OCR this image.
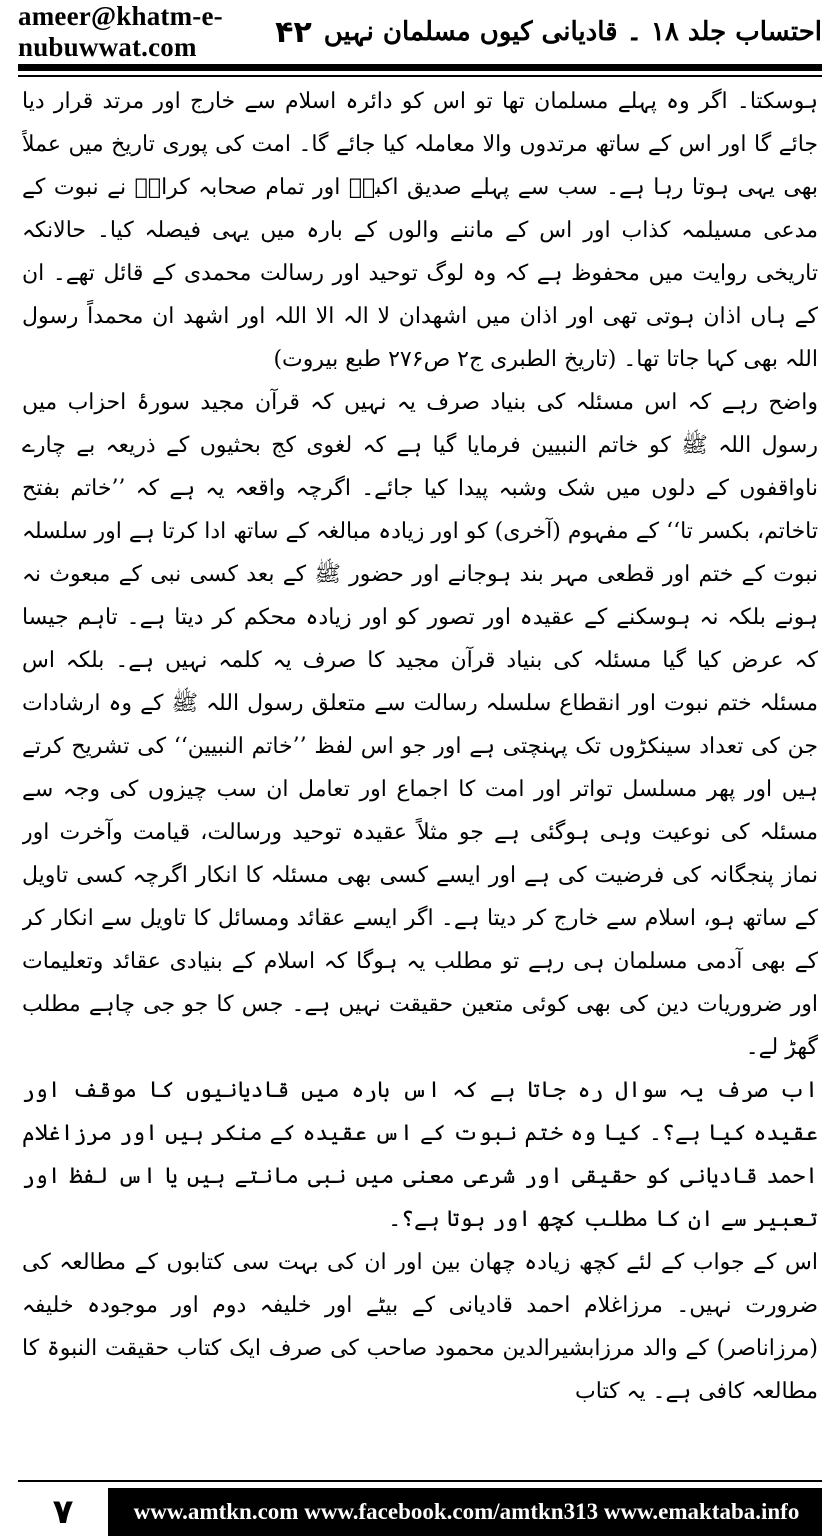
ameer@khatm-e-nubuwwat.com	احتساب جلد ۱۸ ۔ قادیانی کیوں مسلمان نہیں
۴۲

ہوسکتا۔ اگر وہ پہلے مسلمان تھا تو اس کو دائرہ اسلام سے خارج اور مرتد قرار دیا جائے گا اور اس کے ساتھ مرتدوں والا معاملہ کیا جائے گا۔ امت کی پوری تاریخ میں عملاً بھی یہی ہوتا رہا ہے۔ سب سے پہلے صدیق اکبرؓ اور تمام صحابہ کرامؓ نے نبوت کے مدعی مسیلمہ کذاب اور اس کے ماننے والوں کے بارہ میں یہی فیصلہ کیا۔ حالانکہ تاریخی روایت میں محفوظ ہے کہ وہ لوگ توحید اور رسالت محمدی کے قائل تھے۔ ان کے ہاں اذان ہوتی تھی اور اذان میں اشھدان لا الہ الا اللہ اور اشھد ان محمداً رسول اللہ بھی کہا جاتا تھا۔ (تاریخ الطبری ج۲ ص۲۷۶ طبع بیروت)

واضح رہے کہ اس مسئلہ کی بنیاد صرف یہ نہیں کہ قرآن مجید سورۂ احزاب میں رسول اللہ ﷺ کو خاتم النبیین فرمایا گیا ہے کہ لغوی کج بحثیوں کے ذریعہ بے چارے ناواقفوں کے دلوں میں شک وشبہ پیدا کیا جائے۔ اگرچہ واقعہ یہ ہے کہ ’’خاتم بفتح تاخاتم، بکسر تا‘‘ کے مفہوم (آخری) کو اور زیادہ مبالغہ کے ساتھ ادا کرتا ہے اور سلسلہ نبوت کے ختم اور قطعی مہر بند ہوجانے اور حضور ﷺ کے بعد کسی نبی کے مبعوث نہ ہونے بلکہ نہ ہوسکنے کے عقیدہ اور تصور کو اور زیادہ محکم کر دیتا ہے۔ تاہم جیسا کہ عرض کیا گیا مسئلہ کی بنیاد قرآن مجید کا صرف یہ کلمہ نہیں ہے۔ بلکہ اس مسئلہ ختم نبوت اور انقطاع سلسلہ رسالت سے متعلق رسول اللہ ﷺ کے وہ ارشادات جن کی تعداد سینکڑوں تک پہنچتی ہے اور جو اس لفظ ’’خاتم النبیین‘‘ کی تشریح کرتے ہیں اور پھر مسلسل تواتر اور امت کا اجماع اور تعامل ان سب چیزوں کی وجہ سے مسئلہ کی نوعیت وہی ہوگئی ہے جو مثلاً عقیدہ توحید ورسالت، قیامت وآخرت اور نماز پنجگانہ کی فرضیت کی ہے اور ایسے کسی بھی مسئلہ کا انکار اگرچہ کسی تاویل کے ساتھ ہو، اسلام سے خارج کر دیتا ہے۔ اگر ایسے عقائد ومسائل کا تاویل سے انکار کر کے بھی آدمی مسلمان ہی رہے تو مطلب یہ ہوگا کہ اسلام کے بنیادی عقائد وتعلیمات اور ضروریات دین کی بھی کوئی متعین حقیقت نہیں ہے۔ جس کا جو جی چاہے مطلب گھڑ لے۔

اب صرف یہ سوال رہ جاتا ہے کہ اس بارہ میں قادیانیوں کا موقف اور عقیدہ کیا ہے؟۔ کیا وہ ختم نبوت کے اس عقیدہ کے منکر ہیں اور مرزاغلام احمد قادیانی کو حقیقی اور شرعی معنی میں نبی مانتے ہیں یا اس لفظ اور تعبیر سے ان کا مطلب کچھ اور ہوتا ہے؟۔

اس کے جواب کے لئے کچھ زیادہ چھان بین اور ان کی بہت سی کتابوں کے مطالعہ کی ضرورت نہیں۔ مرزاغلام احمد قادیانی کے بیٹے اور خلیفہ دوم اور موجودہ خلیفہ (مرزاناصر) کے والد مرزابشیرالدین محمود صاحب کی صرف ایک کتاب حقیقت النبوۃ کا مطالعہ کافی ہے۔ یہ کتاب

۷	www.amtkn.com www.facebook.com/amtkn313 www.emaktaba.info
